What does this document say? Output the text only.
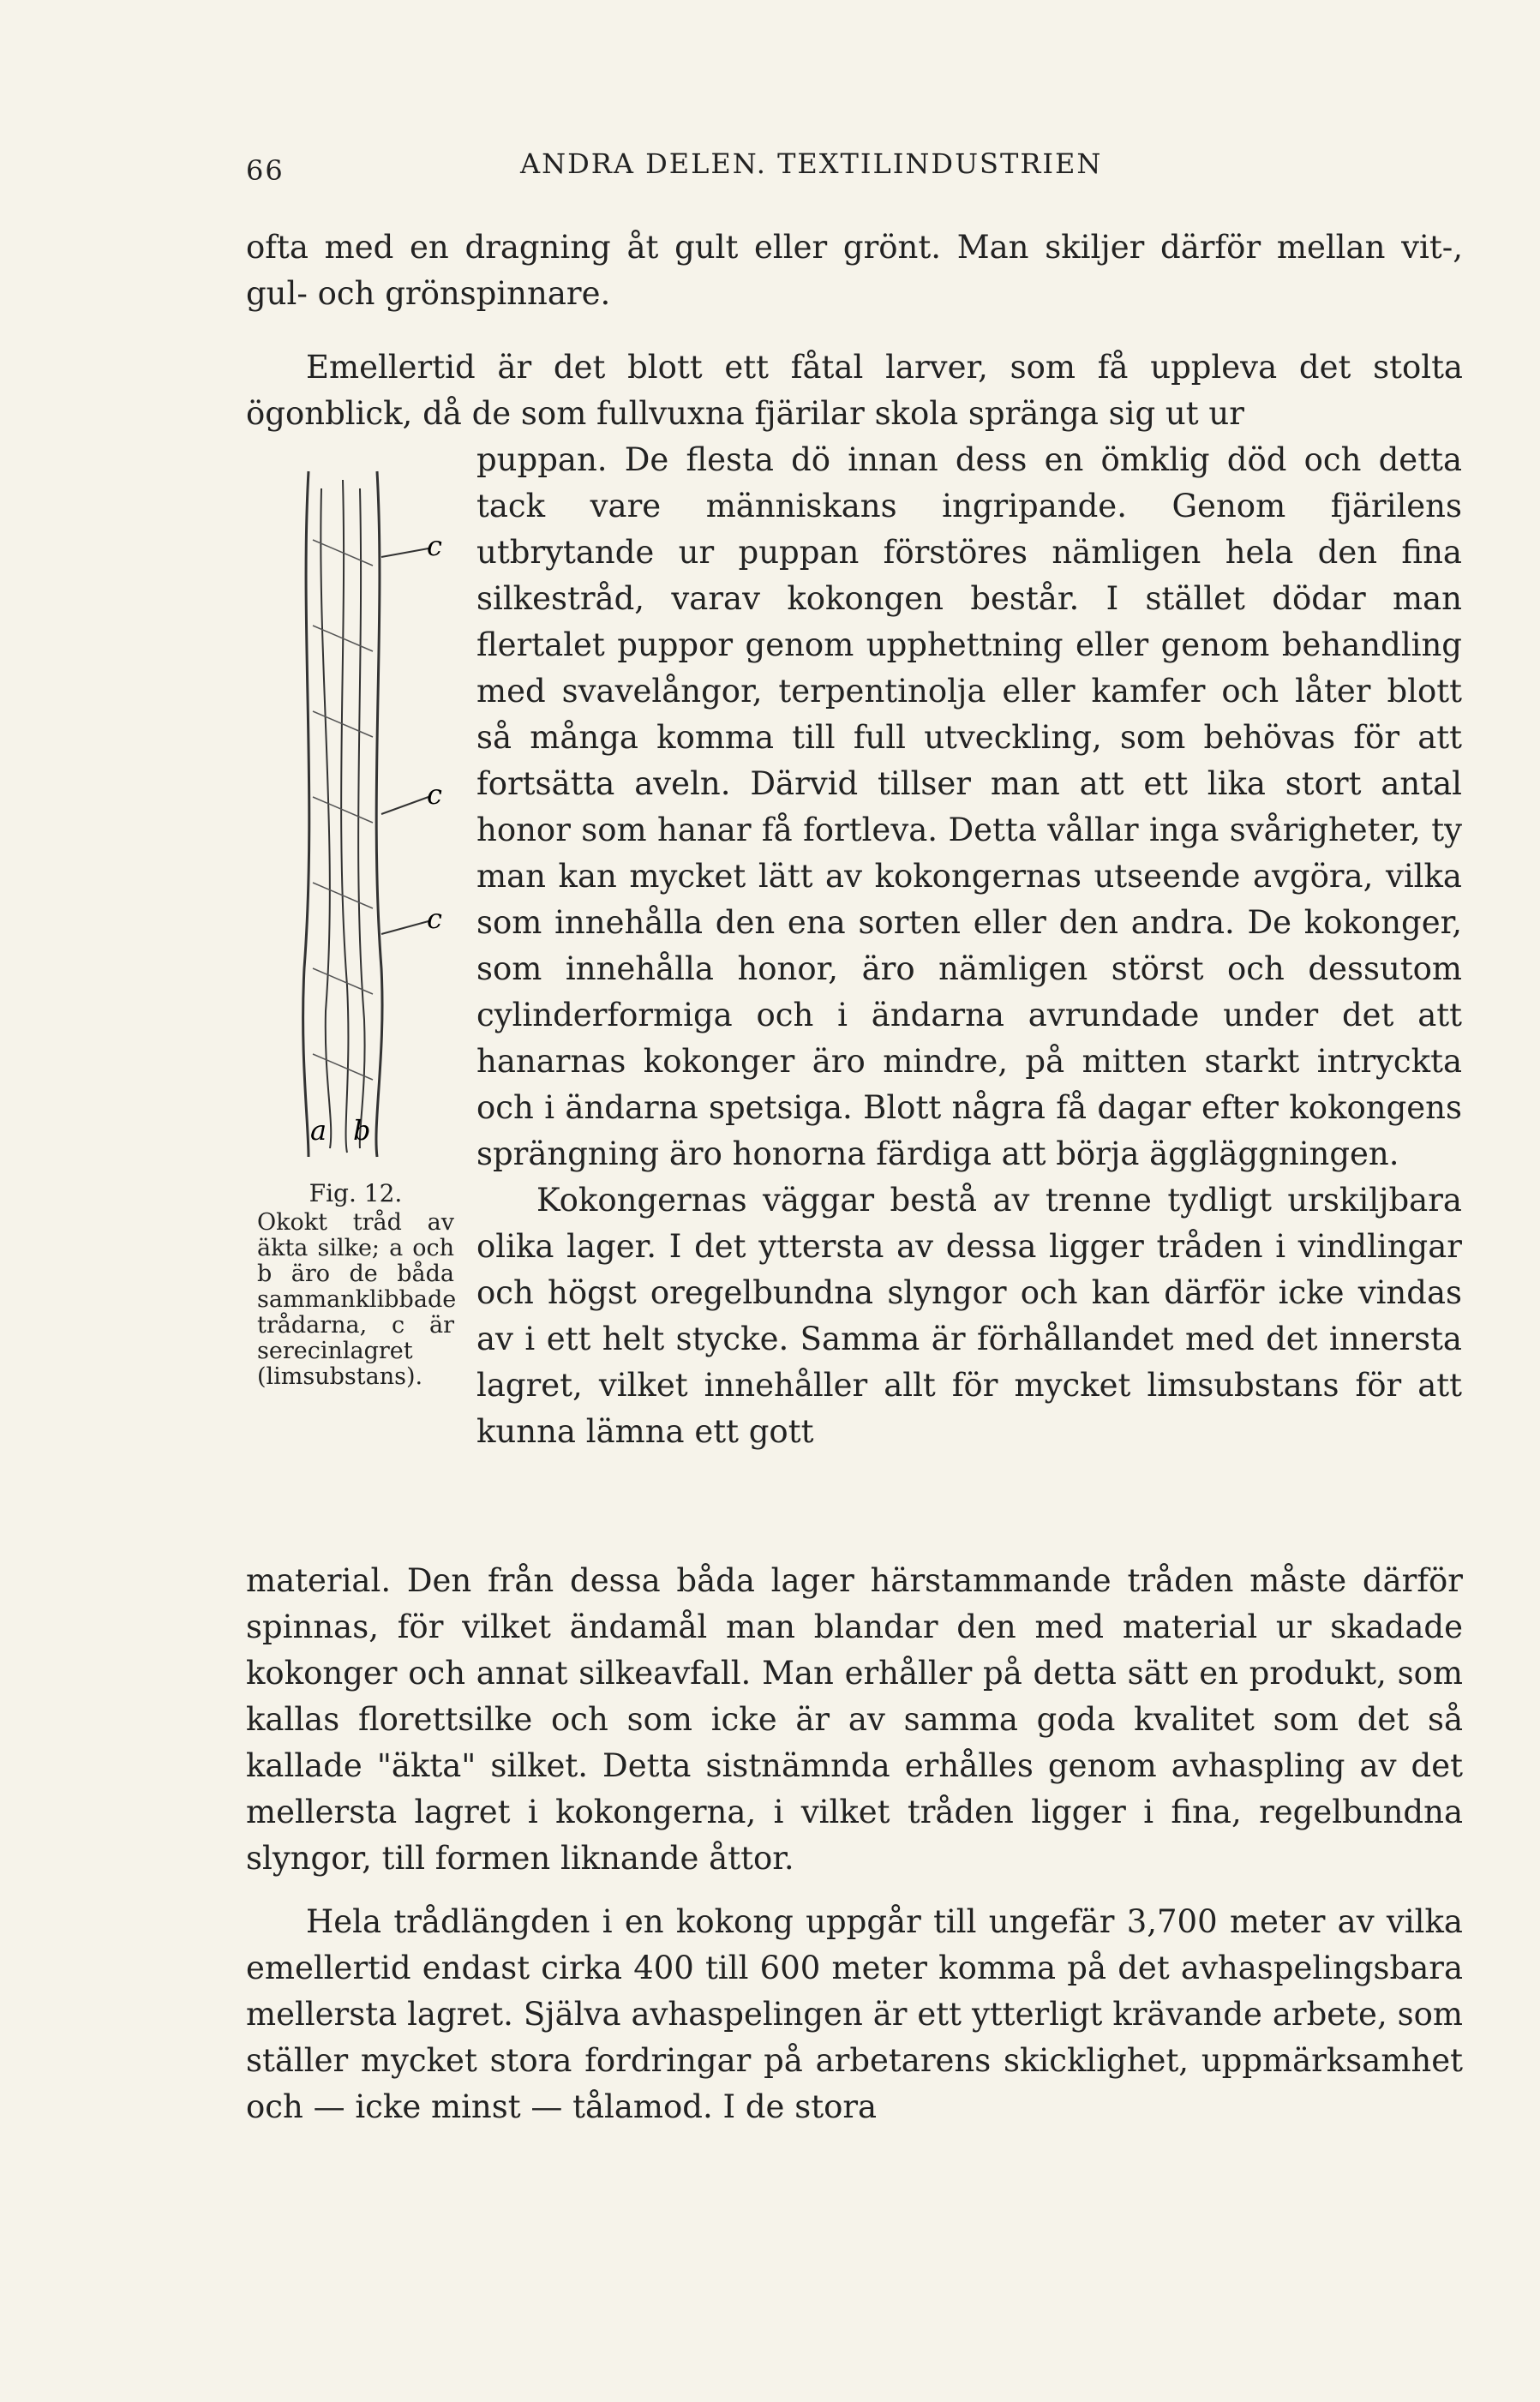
66	ANDRA DELEN. TEXTILINDUSTRIEN

ofta med en dragning åt gult eller grönt. Man skiljer därför mellan vit-, gul- och grönspinnare.

Emellertid är det blott ett fåtal larver, som få uppleva det stolta ögonblick, då de som fullvuxna fjärilar skola spränga sig ut ur

puppan. De flesta dö innan dess en ömklig död och detta tack vare människans ingripande. Genom fjärilens utbrytande ur puppan förstöres nämligen hela den fina silkestråd, varav kokongen består. I stället dödar man flertalet puppor genom upphettning eller genom behandling med svavelångor, terpentinolja eller kamfer och låter blott så många komma till full utveckling, som behövas för att fortsätta aveln. Därvid tillser man att ett lika stort antal honor som hanar få fortleva. Detta vållar inga svårigheter, ty man kan mycket lätt av kokongernas utseende avgöra, vilka som innehålla den ena sorten eller den andra. De kokonger, som innehålla honor, äro nämligen störst och dessutom cylinderformiga och i ändarna avrundade under det att hanarnas kokonger äro mindre, på mitten starkt intryckta och i ändarna spetsiga. Blott några få dagar efter kokongens sprängning äro honorna färdiga att börja äggläggningen.

Kokongernas väggar bestå av trenne tydligt urskiljbara olika lager. I det yttersta av dessa ligger tråden i vindlingar och högst oregelbundna slyngor och kan därför icke vindas av i ett helt stycke. Samma är förhållandet med det innersta lagret, vilket innehåller allt för mycket limsubstans för att kunna lämna ett gott

c
c
c
a b
Fig. 12.
Okokt tråd av äkta silke; a och b äro de båda sammanklibbade trådarna, c är serecinlagret (limsubstans).

material. Den från dessa båda lager härstammande tråden måste därför spinnas, för vilket ändamål man blandar den med material ur skadade kokonger och annat silkeavfall. Man erhåller på detta sätt en produkt, som kallas florettsilke och som icke är av samma goda kvalitet som det så kallade "äkta" silket. Detta sistnämnda erhålles genom avhaspling av det mellersta lagret i kokongerna, i vilket tråden ligger i fina, regelbundna slyngor, till formen liknande åttor.

Hela trådlängden i en kokong uppgår till ungefär 3,700 meter av vilka emellertid endast cirka 400 till 600 meter komma på det avhaspelingsbara mellersta lagret. Själva avhaspelingen är ett ytterligt krävande arbete, som ställer mycket stora fordringar på arbetarens skicklighet, uppmärksamhet och — icke minst — tålamod. I de stora
